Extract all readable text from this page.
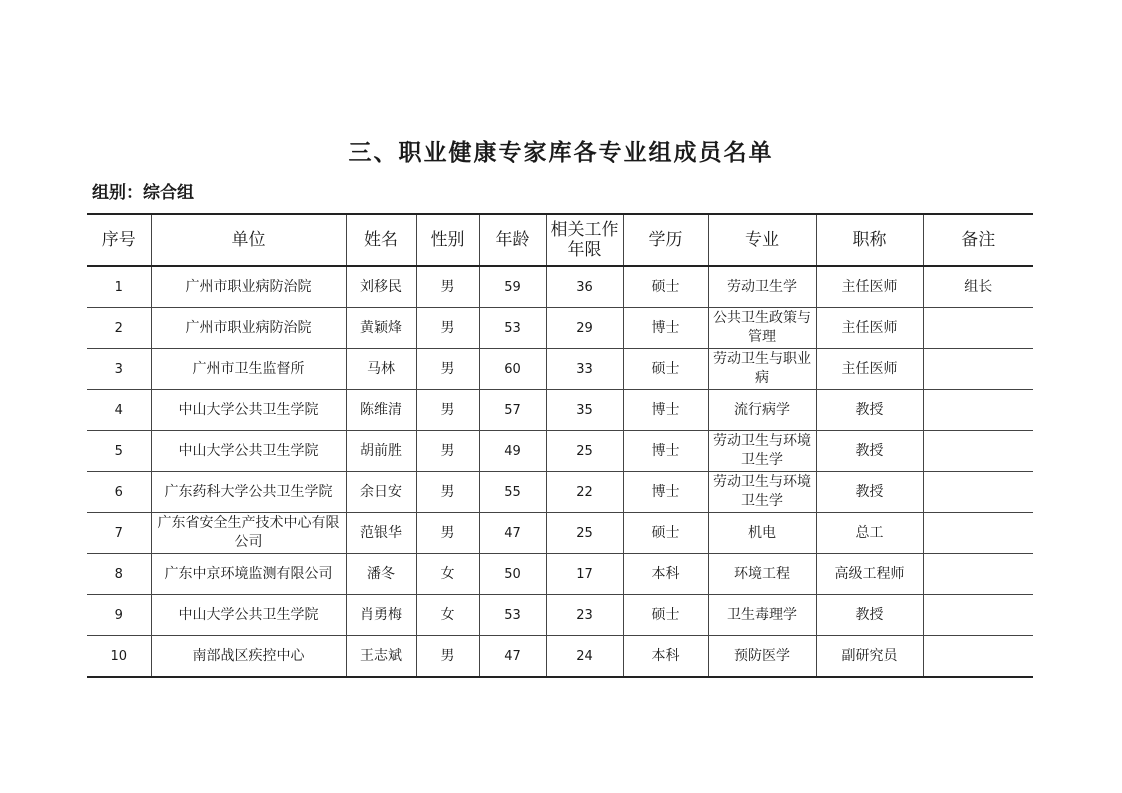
三、职业健康专家库各专业组成员名单
组别：综合组
序号	单位	姓名	性别	年龄	相关工作年限	学历	专业	职称	备注
1	广州市职业病防治院	刘移民	男	59	36	硕士	劳动卫生学	主任医师	组长
2	广州市职业病防治院	黄颖烽	男	53	29	博士	公共卫生政策与管理	主任医师	
3	广州市卫生监督所	马林	男	60	33	硕士	劳动卫生与职业病	主任医师	
4	中山大学公共卫生学院	陈维清	男	57	35	博士	流行病学	教授	
5	中山大学公共卫生学院	胡前胜	男	49	25	博士	劳动卫生与环境卫生学	教授	
6	广东药科大学公共卫生学院	余日安	男	55	22	博士	劳动卫生与环境卫生学	教授	
7	广东省安全生产技术中心有限公司	范银华	男	47	25	硕士	机电	总工	
8	广东中京环境监测有限公司	潘冬	女	50	17	本科	环境工程	高级工程师	
9	中山大学公共卫生学院	肖勇梅	女	53	23	硕士	卫生毒理学	教授	
10	南部战区疾控中心	王志斌	男	47	24	本科	预防医学	副研究员	
